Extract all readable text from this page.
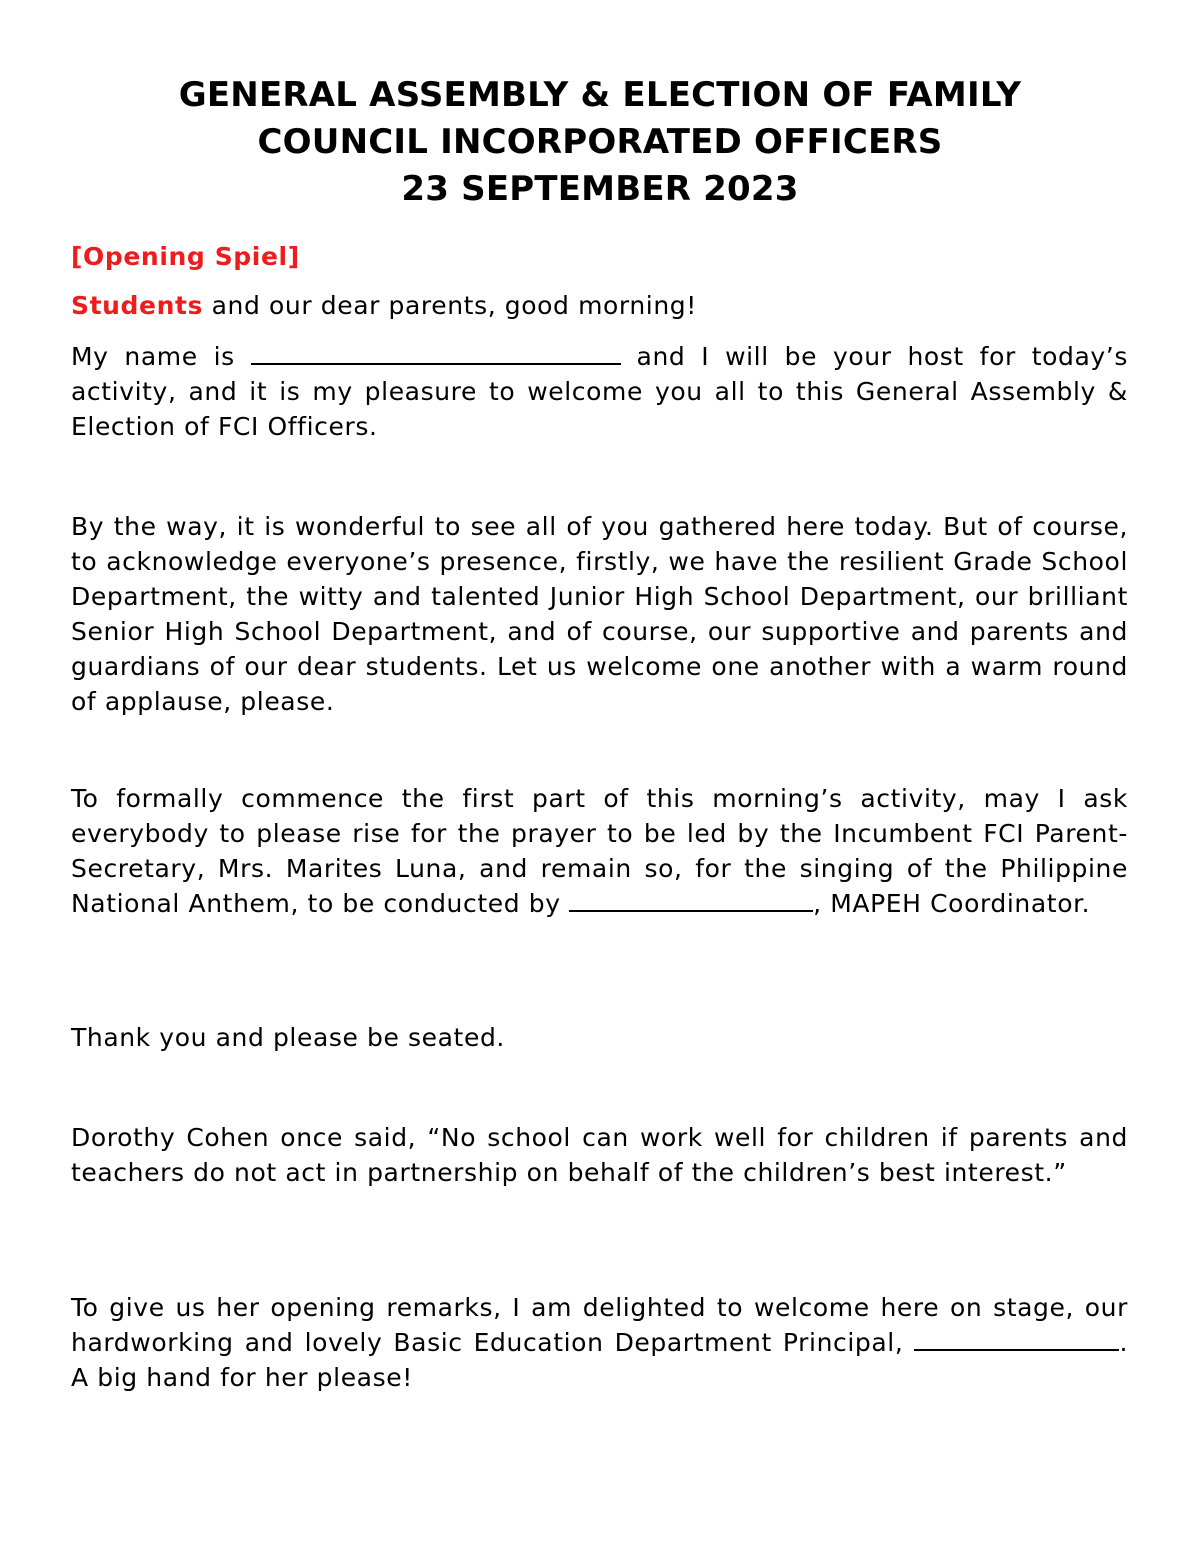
GENERAL ASSEMBLY & ELECTION OF FAMILY
COUNCIL INCORPORATED OFFICERS
23 SEPTEMBER 2023
[Opening Spiel]
Students and our dear parents, good morning!
My name is	and I will be your host for today’s activity, and it is my pleasure to welcome you all to this General Assembly & Election of FCI Officers.
By the way, it is wonderful to see all of you gathered here today. But of course, to acknowledge everyone’s presence, firstly, we have the resilient Grade School Department, the witty and talented Junior High School Department, our brilliant Senior High School Department, and of course, our supportive and parents and guardians of our dear students. Let us welcome one another with a warm round of applause, please.
To formally commence the first part of this morning’s activity, may I ask everybody to please rise for the prayer to be led by the Incumbent FCI Parent-Secretary, Mrs. Marites Luna, and remain so, for the singing of the Philippine National Anthem, to be conducted by	, MAPEH Coordinator.
Thank you and please be seated.
Dorothy Cohen once said, “No school can work well for children if parents and teachers do not act in partnership on behalf of the children’s best interest.”
To give us her opening remarks, I am delighted to welcome here on stage, our hardworking and lovely Basic Education Department Principal,	. A big hand for her please!
